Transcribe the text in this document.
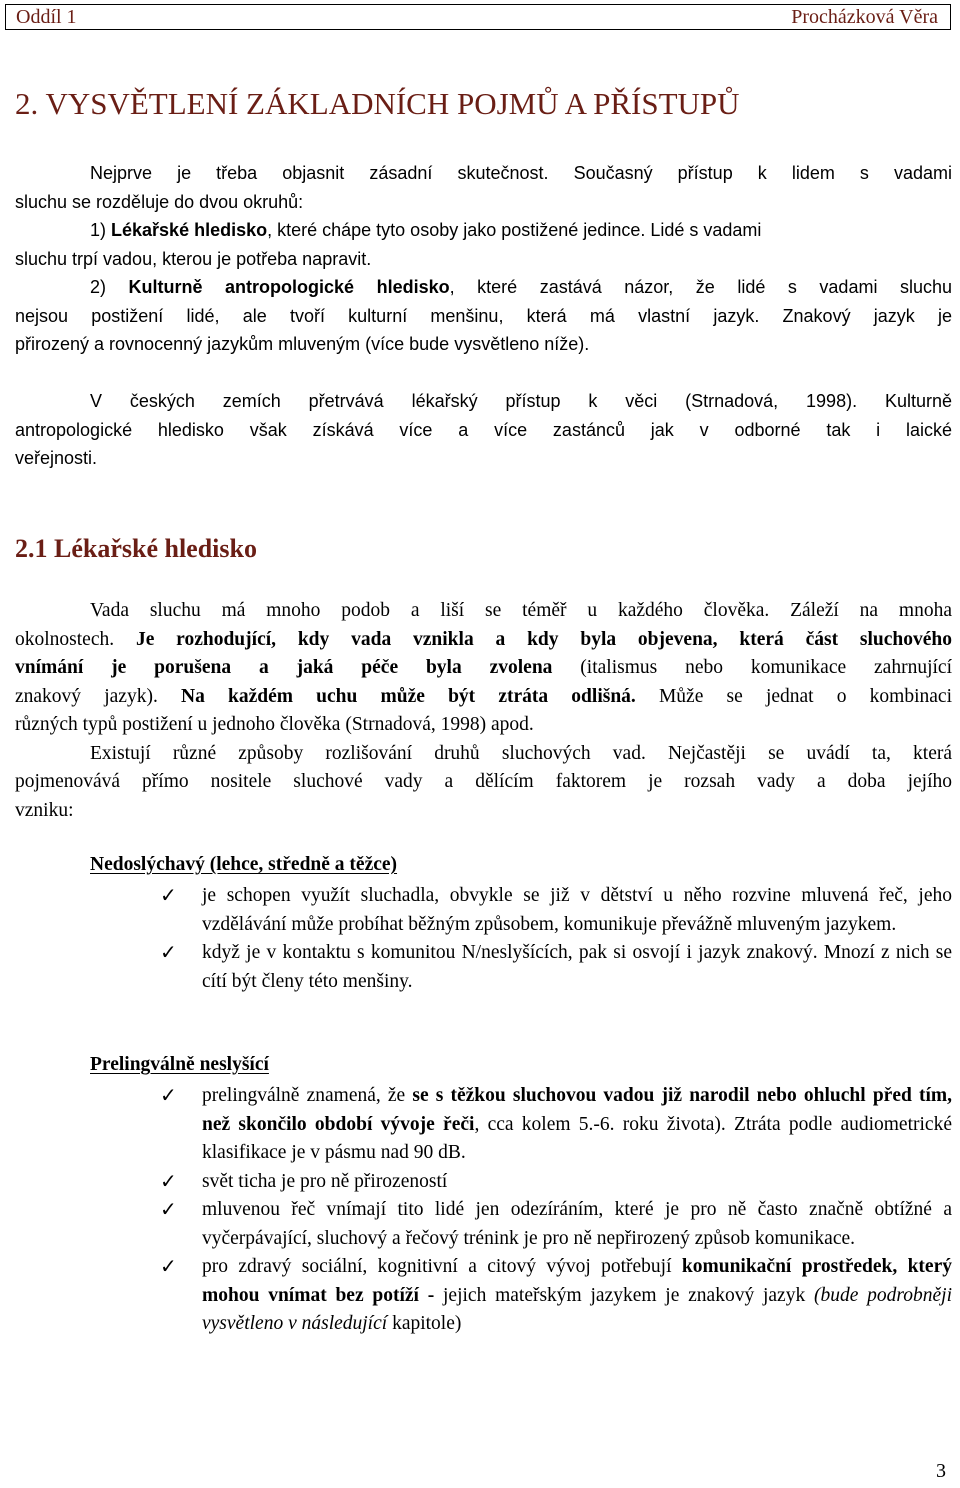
Oddíl 1	Procházková Věra
2. VYSVĚTLENÍ ZÁKLADNÍCH POJMŮ A PŘÍSTUPŮ
Nejprve je třeba objasnit zásadní skutečnost. Současný přístup k lidem s vadami
sluchu se rozděluje do dvou okruhů:
1) Lékařské hledisko, které chápe tyto osoby jako postižené jedince. Lidé s vadami
sluchu trpí vadou, kterou je potřeba napravit.
2) Kulturně antropologické hledisko, které zastává názor, že lidé s vadami sluchu
nejsou postižení lidé, ale tvoří kulturní menšinu, která má vlastní jazyk. Znakový jazyk je
přirozený a rovnocenný jazykům mluveným (více bude vysvětleno níže).
V českých zemích přetrvává lékařský přístup k věci (Strnadová, 1998). Kulturně
antropologické hledisko však získává více a více zastánců jak v odborné tak i laické
veřejnosti.
2.1 Lékařské hledisko
Vada sluchu má mnoho podob a liší se téměř u každého člověka. Záleží na mnoha
okolnostech. Je rozhodující, kdy vada vznikla a kdy byla objevena, která část sluchového
vnímání je porušena a jaká péče byla zvolena (italismus nebo komunikace zahrnující
znakový jazyk). Na každém uchu může být ztráta odlišná. Může se jednat o kombinaci
různých typů postižení u jednoho člověka (Strnadová, 1998) apod.
Existují různé způsoby rozlišování druhů sluchových vad. Nejčastěji se uvádí ta, která
pojmenovává přímo nositele sluchové vady a dělícím faktorem je rozsah vady a doba jejího
vzniku:
Nedoslýchavý (lehce, středně a těžce)
✓ je schopen využít sluchadla, obvykle se již v dětství u něho rozvine mluvená řeč, jeho vzdělávání může probíhat běžným způsobem, komunikuje převážně mluveným jazykem.
✓ když je v kontaktu s komunitou N/neslyšících, pak si osvojí i jazyk znakový. Mnozí z nich se cítí být členy této menšiny.
Prelingválně neslyšící
✓ prelingválně znamená, že se s těžkou sluchovou vadou již narodil nebo ohluchl před tím, než skončilo období vývoje řeči, cca kolem 5.-6. roku života). Ztráta podle audiometrické klasifikace je v pásmu nad 90 dB.
✓ svět ticha je pro ně přirozeností
✓ mluvenou řeč vnímají tito lidé jen odezíráním, které je pro ně často značně obtížné a vyčerpávající, sluchový a řečový trénink je pro ně nepřirozený způsob komunikace.
✓ pro zdravý sociální, kognitivní a citový vývoj potřebují komunikační prostředek, který mohou vnímat bez potíží - jejich mateřským jazykem je znakový jazyk (bude podrobněji vysvětleno v následující kapitole)
3
